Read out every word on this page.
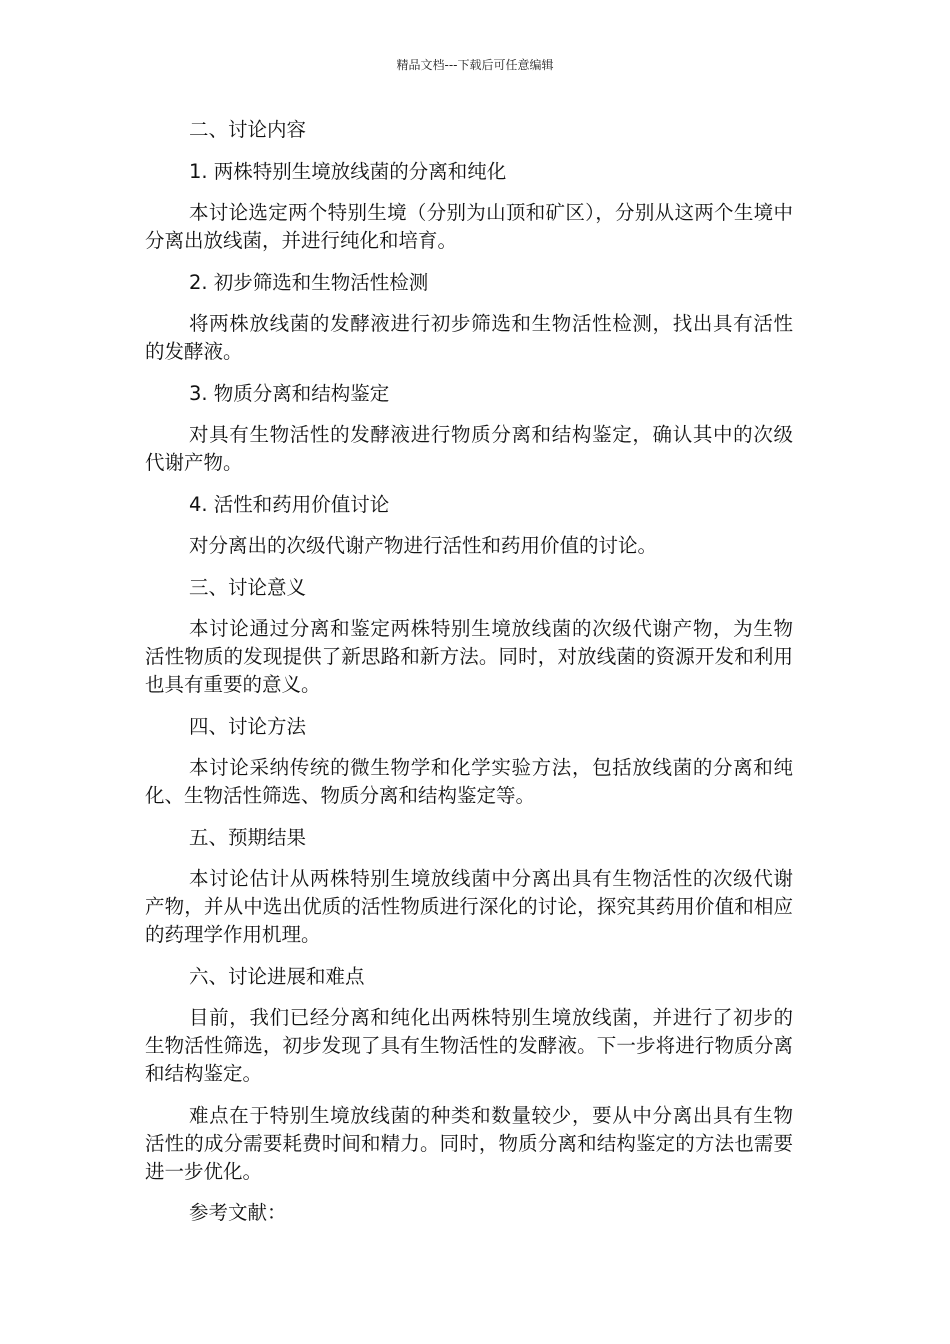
精品文档---下载后可任意编辑
二、讨论内容
1. 两株特别生境放线菌的分离和纯化

本讨论选定两个特别生境（分别为山顶和矿区），分别从这两个生境中分离出放线菌，并进行纯化和培育。

2. 初步筛选和生物活性检测

将两株放线菌的发酵液进行初步筛选和生物活性检测，找出具有活性的发酵液。

3. 物质分离和结构鉴定

对具有生物活性的发酵液进行物质分离和结构鉴定，确认其中的次级代谢产物。

4. 活性和药用价值讨论

对分离出的次级代谢产物进行活性和药用价值的讨论。

三、讨论意义

本讨论通过分离和鉴定两株特别生境放线菌的次级代谢产物，为生物活性物质的发现提供了新思路和新方法。同时，对放线菌的资源开发和利用也具有重要的意义。

四、讨论方法

本讨论采纳传统的微生物学和化学实验方法，包括放线菌的分离和纯化、生物活性筛选、物质分离和结构鉴定等。

五、预期结果

本讨论估计从两株特别生境放线菌中分离出具有生物活性的次级代谢产物，并从中选出优质的活性物质进行深化的讨论，探究其药用价值和相应的药理学作用机理。

六、讨论进展和难点

目前，我们已经分离和纯化出两株特别生境放线菌，并进行了初步的生物活性筛选，初步发现了具有生物活性的发酵液。下一步将进行物质分离和结构鉴定。

难点在于特别生境放线菌的种类和数量较少，要从中分离出具有生物活性的成分需要耗费时间和精力。同时，物质分离和结构鉴定的方法也需要进一步优化。

参考文献：
